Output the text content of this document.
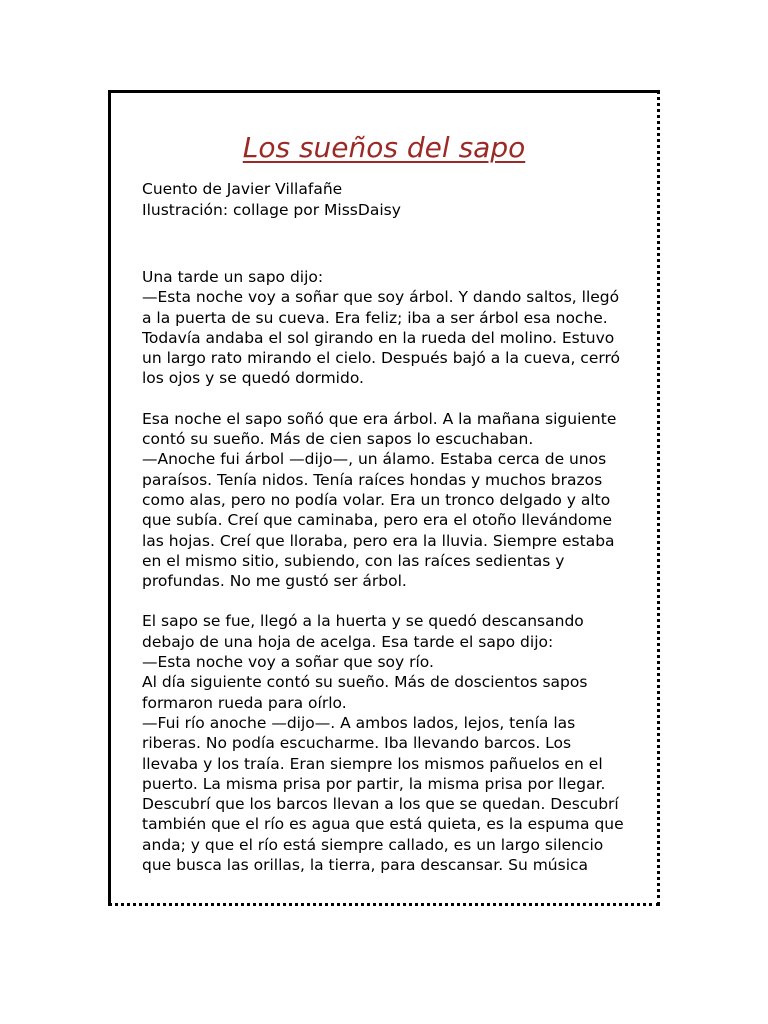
Los sueños del sapo
Cuento de Javier Villafañe
Ilustración: collage por MissDaisy

Una tarde un sapo dijo:
—Esta noche voy a soñar que soy árbol. Y dando saltos, llegó
a la puerta de su cueva. Era feliz; iba a ser árbol esa noche.
Todavía andaba el sol girando en la rueda del molino. Estuvo
un largo rato mirando el cielo. Después bajó a la cueva, cerró
los ojos y se quedó dormido.

Esa noche el sapo soñó que era árbol. A la mañana siguiente
contó su sueño. Más de cien sapos lo escuchaban.
—Anoche fui árbol —dijo—, un álamo. Estaba cerca de unos
paraísos. Tenía nidos. Tenía raíces hondas y muchos brazos
como alas, pero no podía volar. Era un tronco delgado y alto
que subía. Creí que caminaba, pero era el otoño llevándome
las hojas. Creí que lloraba, pero era la lluvia. Siempre estaba
en el mismo sitio, subiendo, con las raíces sedientas y
profundas. No me gustó ser árbol.

El sapo se fue, llegó a la huerta y se quedó descansando
debajo de una hoja de acelga. Esa tarde el sapo dijo:
—Esta noche voy a soñar que soy río.
Al día siguiente contó su sueño. Más de doscientos sapos
formaron rueda para oírlo.
—Fui río anoche —dijo—. A ambos lados, lejos, tenía las
riberas. No podía escucharme. Iba llevando barcos. Los
llevaba y los traía. Eran siempre los mismos pañuelos en el
puerto. La misma prisa por partir, la misma prisa por llegar.
Descubrí que los barcos llevan a los que se quedan. Descubrí
también que el río es agua que está quieta, es la espuma que
anda; y que el río está siempre callado, es un largo silencio
que busca las orillas, la tierra, para descansar. Su música
